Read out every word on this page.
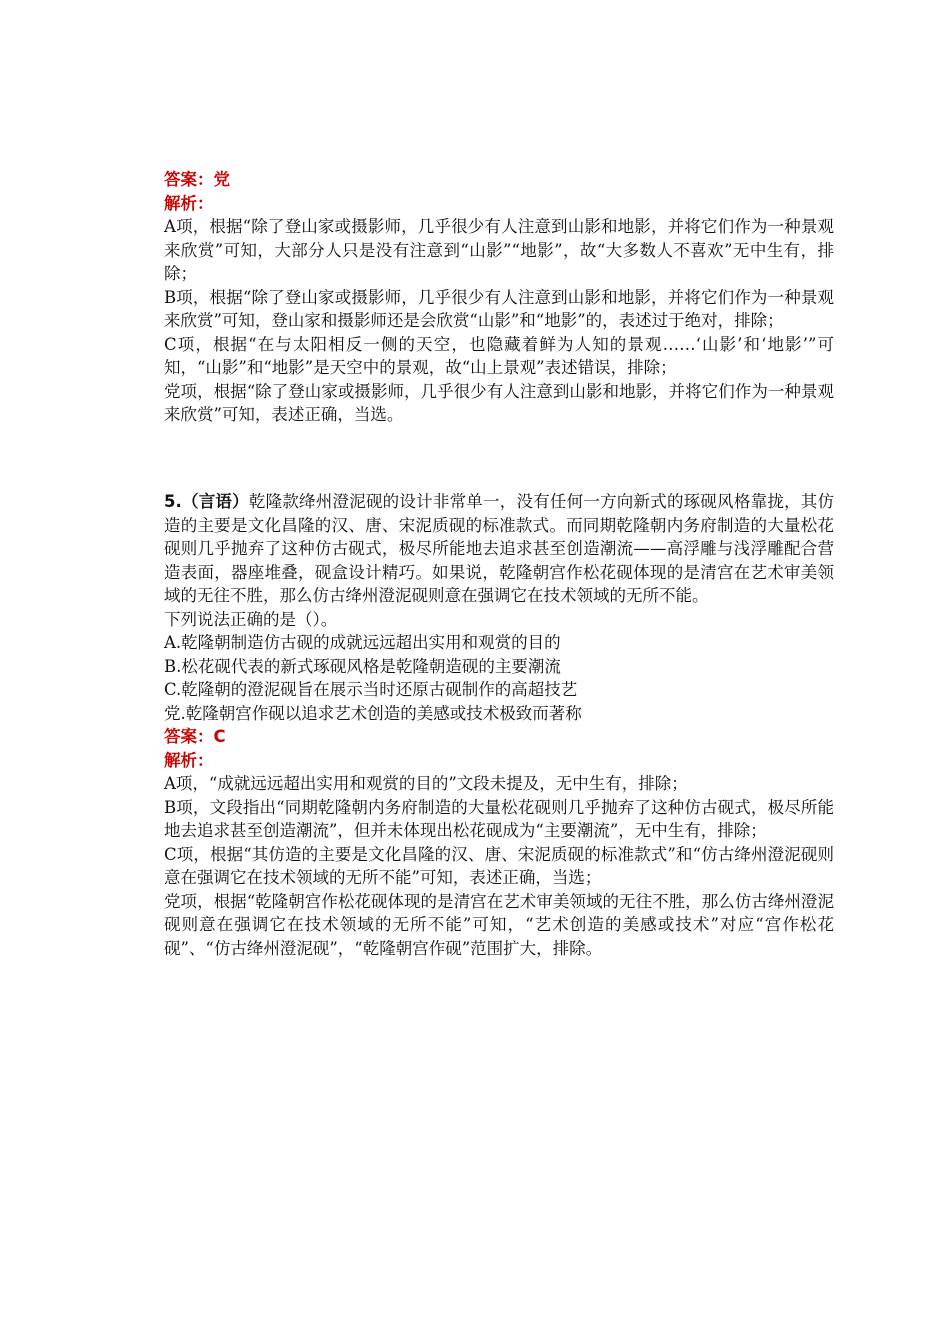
答案：党
解析：

A项，根据“除了登山家或摄影师，几乎很少有人注意到山影和地影，并将它们作为一种景观来欣赏”可知，大部分人只是没有注意到“山影”“地影”，故“大多数人不喜欢”无中生有，排除；

B项，根据“除了登山家或摄影师，几乎很少有人注意到山影和地影，并将它们作为一种景观来欣赏”可知，登山家和摄影师还是会欣赏“山影”和“地影”的，表述过于绝对，排除；

C项，根据“在与太阳相反一侧的天空，也隐藏着鲜为人知的景观……‘山影’和‘地影’”可知，“山影”和“地影”是天空中的景观，故“山上景观”表述错误，排除；

党项，根据“除了登山家或摄影师，几乎很少有人注意到山影和地影，并将它们作为一种景观来欣赏”可知，表述正确，当选。

5.（言语）乾隆款绛州澄泥砚的设计非常单一，没有任何一方向新式的琢砚风格靠拢，其仿造的主要是文化昌隆的汉、唐、宋泥质砚的标准款式。而同期乾隆朝内务府制造的大量松花砚则几乎抛弃了这种仿古砚式，极尽所能地去追求甚至创造潮流——高浮雕与浅浮雕配合营造表面，器座堆叠，砚盒设计精巧。如果说，乾隆朝宫作松花砚体现的是清宫在艺术审美领域的无往不胜，那么仿古绛州澄泥砚则意在强调它在技术领域的无所不能。

下列说法正确的是（）。

A.乾隆朝制造仿古砚的成就远远超出实用和观赏的目的
B.松花砚代表的新式琢砚风格是乾隆朝造砚的主要潮流
C.乾隆朝的澄泥砚旨在展示当时还原古砚制作的高超技艺
党.乾隆朝宫作砚以追求艺术创造的美感或技术极致而著称
答案：C
解析：

A项，“成就远远超出实用和观赏的目的”文段未提及，无中生有，排除；

B项，文段指出“同期乾隆朝内务府制造的大量松花砚则几乎抛弃了这种仿古砚式，极尽所能地去追求甚至创造潮流”，但并未体现出松花砚成为“主要潮流”，无中生有，排除；

C项，根据“其仿造的主要是文化昌隆的汉、唐、宋泥质砚的标准款式”和“仿古绛州澄泥砚则意在强调它在技术领域的无所不能”可知，表述正确，当选；

党项，根据“乾隆朝宫作松花砚体现的是清宫在艺术审美领域的无往不胜，那么仿古绛州澄泥砚则意在强调它在技术领域的无所不能”可知，“艺术创造的美感或技术”对应“宫作松花砚”、“仿古绛州澄泥砚”，“乾隆朝宫作砚”范围扩大，排除。
